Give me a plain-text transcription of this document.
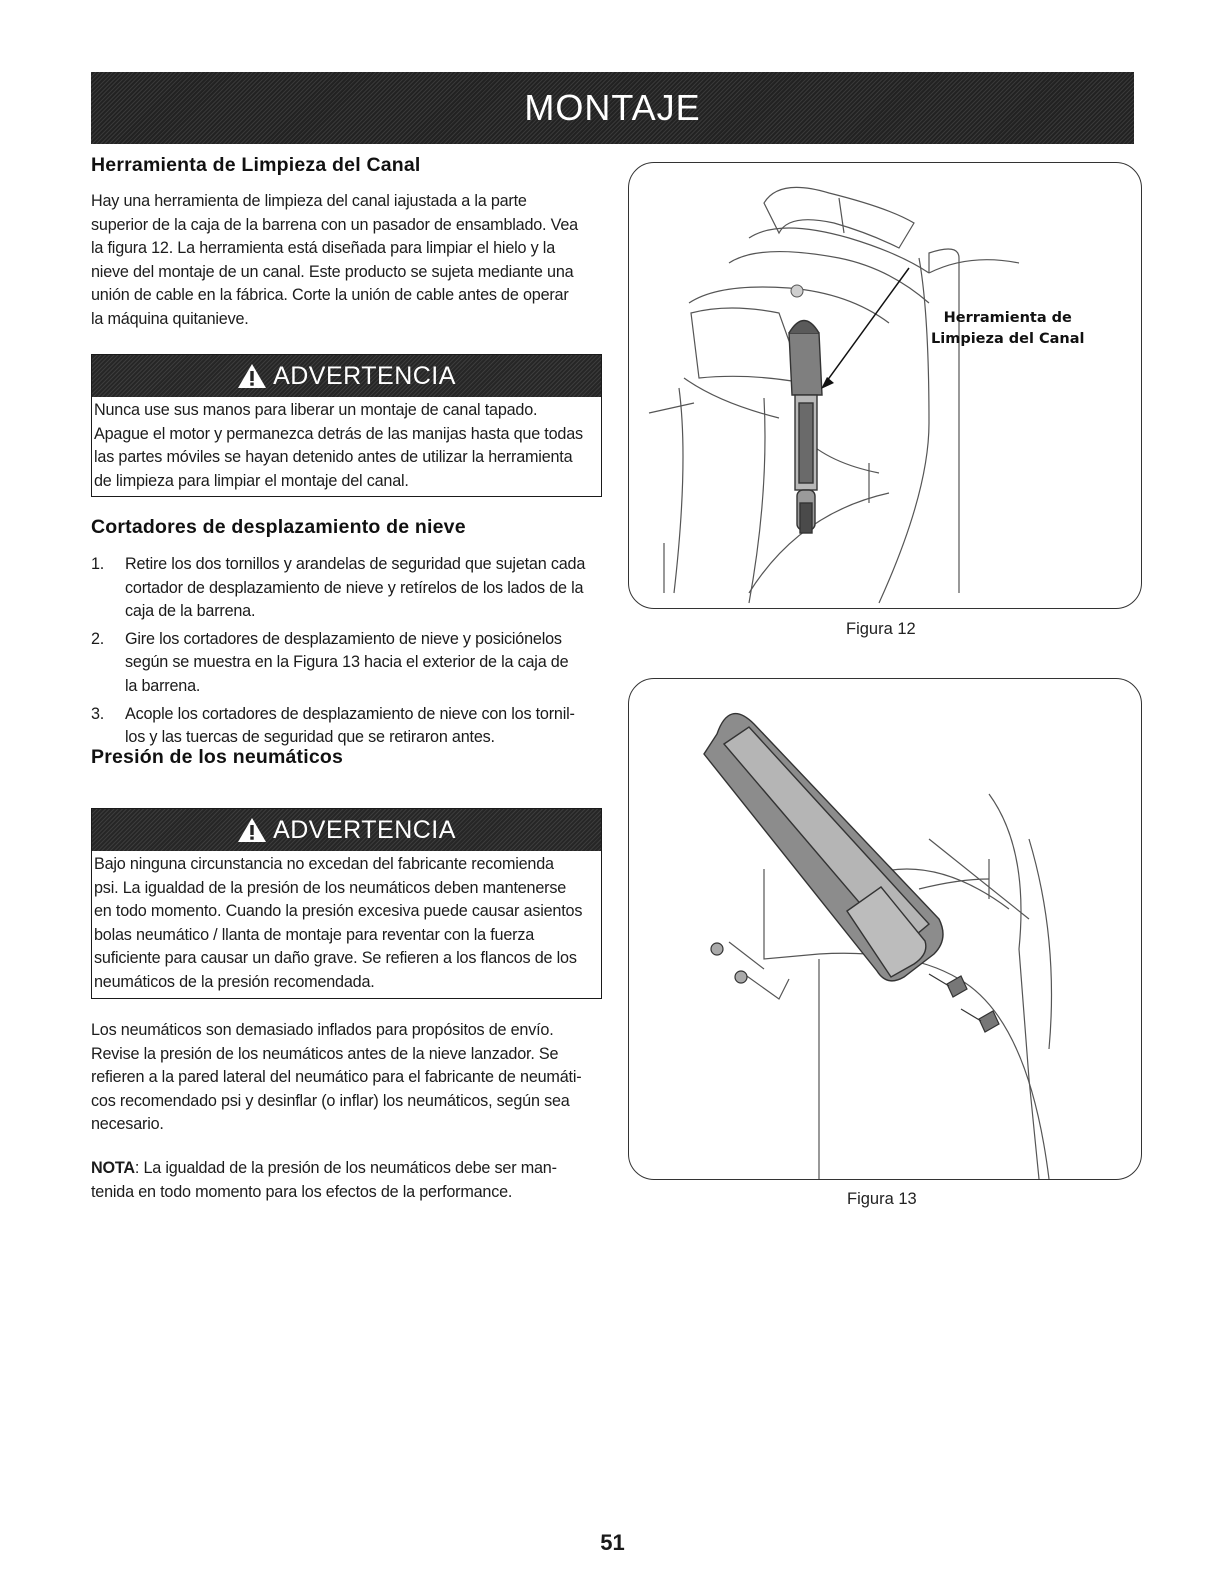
MONTAJE
Herramienta de Limpieza del Canal
Hay una herramienta de limpieza del canal iajustada a la parte
superior de la caja de la barrena con un pasador de ensamblado. Vea
la figura 12. La herramienta está diseñada para limpiar el hielo y la
nieve del montaje de un canal. Este producto se sujeta mediante una
unión de cable en la fábrica. Corte la unión de cable antes de operar
la máquina quitanieve.
ADVERTENCIA
Nunca use sus manos para liberar un montaje de canal tapado.
Apague el motor y permanezca detrás de las manijas hasta que todas
las partes móviles se hayan detenido antes de utilizar la herramienta
de limpieza para limpiar el montaje del canal.
Cortadores de desplazamiento de nieve
1.	Retire los dos tornillos y arandelas de seguridad que sujetan cada
cortador de desplazamiento de nieve y retírelos de los lados de la
caja de la barrena.
2.	Gire los cortadores de desplazamiento de nieve y posiciónelos
según se muestra en la Figura 13 hacia el exterior de la caja de
la barrena.
3.	Acople los cortadores de desplazamiento de nieve con los tornil-
los y las tuercas de seguridad que se retiraron antes.
Presión de los neumáticos
ADVERTENCIA
Bajo ninguna circunstancia no excedan del fabricante recomienda
psi. La igualdad de la presión de los neumáticos deben mantenerse
en todo momento. Cuando la presión excesiva puede causar asientos
bolas neumático / llanta de montaje para reventar con la fuerza
suficiente para causar un daño grave. Se refieren a los flancos de los
neumáticos de la presión recomendada.
Los neumáticos son demasiado inflados para propósitos de envío.
Revise la presión de los neumáticos antes de la nieve lanzador. Se
refieren a la pared lateral del neumático para el fabricante de neumáti-
cos recomendado psi y desinflar (o inflar) los neumáticos, según sea
necesario.
NOTA: La igualdad de la presión de los neumáticos debe ser man-
tenida en todo momento para los efectos de la performance.
Herramienta de
Limpieza del Canal
Figura 12
Figura 13
51
